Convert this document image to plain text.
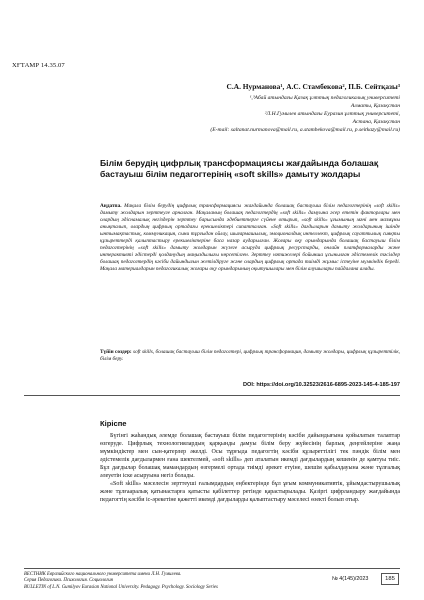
ХҒТАМР 14.35.07
С.А. Нурманова¹, А.С. Стамбекова², П.Б. Сейтқазы³
¹,³Абай атындағы Қазақ ұлттық педагогикалық университеті
Алматы, Қазақстан
²Л.Н.Гумилев атындағы Еуразия ұлттық университеті,
Астана, Қазақстан
(E-mail: saltanat.nurmanova@mail.ru, a.stambekova@mail.ru, p.seitkazy@mail.ru)
Білім берудің цифрлық трансформациясы жағдайында болашақ бастауыш білім педагогтерінің «soft skills» дамыту жолдары
Аңдатпа. Мақала білім берудің цифрлық трансформациясы жағдайында болашақ бастауыш білім педагогтерінің «soft skills» дамыту жолдарын зерттеуге арналған. Мақаланың болашақ педагогтердің «soft skills» дамуына әсер ететін факторлары мен олардың әдіснамалық негіздерін зерттеу барысында әдебиеттерге сүйене отырып, «soft skills» ұғымының мәні мен мазмұны анықталып, олардың цифрлық ортадағы ерекшеліктері сипатталған. «Soft skills» дағдыларын дамыту жолдарының ішінде ынтымақтастық, коммуникация, сыни тұрғыдан ойлау, шығармашылық, эмоционалдық интеллект, цифрлық сауаттылық сияқты құзыреттерді қалыптастыру ерекшеліктеріне баса назар аударылған. Жоғары оқу орындарында болашақ бастауыш білім педагогтерінің «soft skills» дамыту жолдарын жүзеге асыруда цифрлық ресурстарды, онлайн платформаларды және интерактивті әдістерді қолданудың маңыздылығы көрсетілген. Зерттеу нәтижелері бойынша ұсынылған әдістемелік тәсілдер болашақ педагогтердің кәсіби дайындығын жетілдіруге және олардың цифрлық ортада тиімді жұмыс істеуіне мүмкіндік береді. Мақала материалдарын педагогикалық жоғары оқу орындарының оқытушылары мен білім алушылары пайдалана алады.
Түйін сөздер: soft skills, болашақ бастауыш білім педагогтері, цифрлық трансформация, дамыту жолдары, цифрлық құзыреттілік, білім беру.
DOI: https://doi.org/10.32523/2616-6895-2023-145-4-185-197
Кіріспе

Бүгінгі жаһандық әлемде болашақ бастауыш білім педагогтерінің кәсіби дайындығына қойылатын талаптар өзгеруде. Цифрлық технологиялардың қарқынды дамуы білім беру жүйесінің барлық деңгейлеріне жаңа мүмкіндіктер мен сын-қатерлер әкелді. Осы тұрғыда педагогтің кәсіби құзыреттілігі тек пәндік білім мен әдістемелік дағдылармен ғана шектелмей, «soft skills» деп аталатын икемді дағдылардың кешенін де қамтуы тиіс. Бұл дағдылар болашақ мамандардың өзгермелі ортада тиімді әрекет етуіне, шешім қабылдауына және тұлғалық әлеуетін іске асыруына негіз болады.

«Soft skills» мәселесін зерттеуші ғалымдардың еңбектерінде бұл ұғым коммуникативтік, ұйымдастырушылық және тұлғааралық қатынастарға қатысты қабілеттер ретінде қарастырылады. Қазіргі цифрландыру жағдайында педагогтің кәсіби іс-әрекетіне қажетті икемді дағдыларды қалыптастыру мәселесі өзекті болып отыр.

ВЕСТНИК Евразийского национального университета имени Л.Н. Гумилева.
Серия Педагогика. Психология. Социология
BULLETIN of L.N. Gumilyov Eurasian National University. Pedagogy. Psychology. Sociology Series
№ 4(145)/2023	185
